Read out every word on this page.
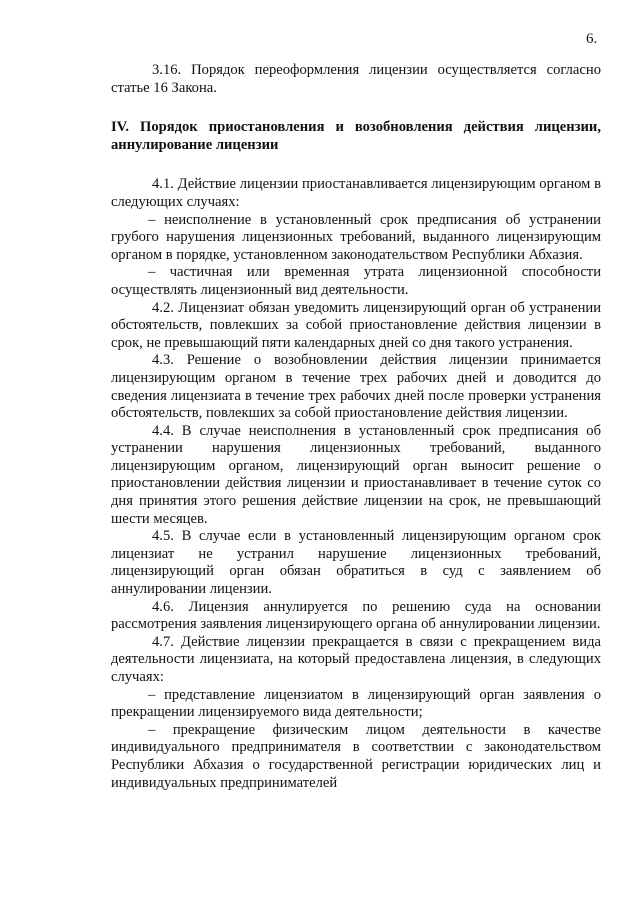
6.

3.16. Порядок переоформления лицензии осуществляется согласно статье 16 Закона.

IV. Порядок приостановления и возобновления действия лицензии, аннулирование лицензии

4.1. Действие лицензии приостанавливается лицензирующим органом в следующих случаях:

– неисполнение в установленный срок предписания об устранении грубого нарушения лицензионных требований, выданного лицензирующим органом в порядке, установленном законодательством Республики Абхазия.

– частичная или временная утрата лицензионной способности осуществлять лицензионный вид деятельности.

4.2. Лицензиат обязан уведомить лицензирующий орган об устранении обстоятельств, повлекших за собой приостановление действия лицензии в срок, не превышающий пяти календарных дней со дня такого устранения.

4.3. Решение о возобновлении действия лицензии принимается лицензирующим органом в течение трех рабочих дней и доводится до сведения лицензиата в течение трех рабочих дней после проверки устранения обстоятельств, повлекших за собой приостановление действия лицензии.

4.4. В случае неисполнения в установленный срок предписания об устранении нарушения лицензионных требований, выданного лицензирующим органом, лицензирующий орган выносит решение о приостановлении действия лицензии и приостанавливает в течение суток со дня принятия этого решения действие лицензии на срок, не превышающий шести месяцев.

4.5. В случае если в установленный лицензирующим органом срок лицензиат не устранил нарушение лицензионных требований, лицензирующий орган обязан обратиться в суд с заявлением об аннулировании лицензии.

4.6. Лицензия аннулируется по решению суда на основании рассмотрения заявления лицензирующего органа об аннулировании лицензии.

4.7. Действие лицензии прекращается в связи с прекращением вида деятельности лицензиата, на который предоставлена лицензия, в следующих случаях:

– представление лицензиатом в лицензирующий орган заявления о прекращении лицензируемого вида деятельности;

– прекращение физическим лицом деятельности в качестве индивидуального предпринимателя в соответствии с законодательством Республики Абхазия о государственной регистрации юридических лиц и индивидуальных предпринимателей
